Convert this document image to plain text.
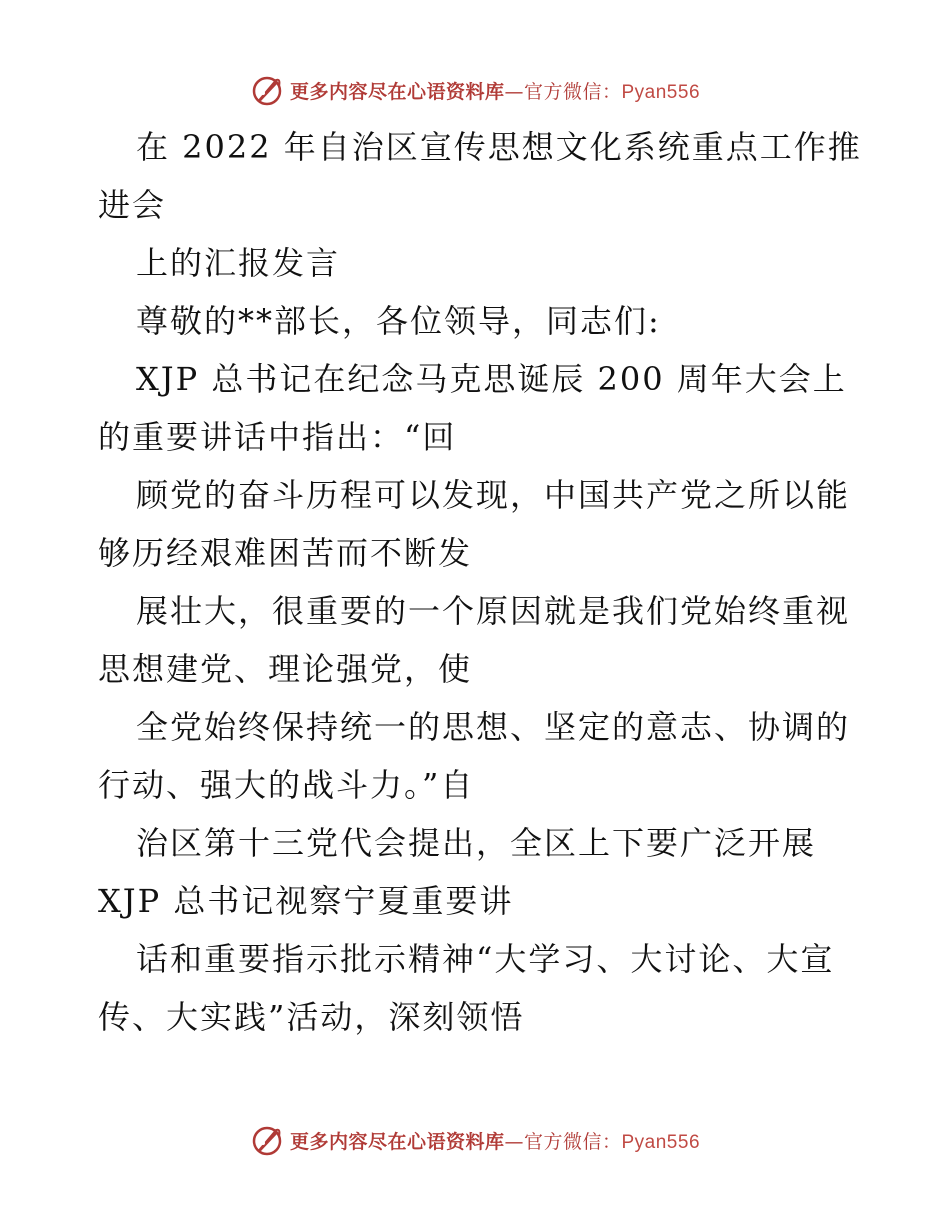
更多内容尽在心语资料库—官方微信：Pyan556
在 2022 年自治区宣传思想文化系统重点工作推
进会
上的汇报发言
尊敬的**部长，各位领导，同志们:
XJP 总书记在纪念马克思诞辰 200 周年大会上
的重要讲话中指出：“回
顾党的奋斗历程可以发现，中国共产党之所以能
够历经艰难困苦而不断发
展壮大，很重要的一个原因就是我们党始终重视
思想建党、理论强党，使
全党始终保持统一的思想、坚定的意志、协调的
行动、强大的战斗力。”自
治区第十三党代会提出，全区上下要广泛开展
XJP 总书记视察宁夏重要讲
话和重要指示批示精神“大学习、大讨论、大宣
传、大实践”活动，深刻领悟
更多内容尽在心语资料库—官方微信：Pyan556
